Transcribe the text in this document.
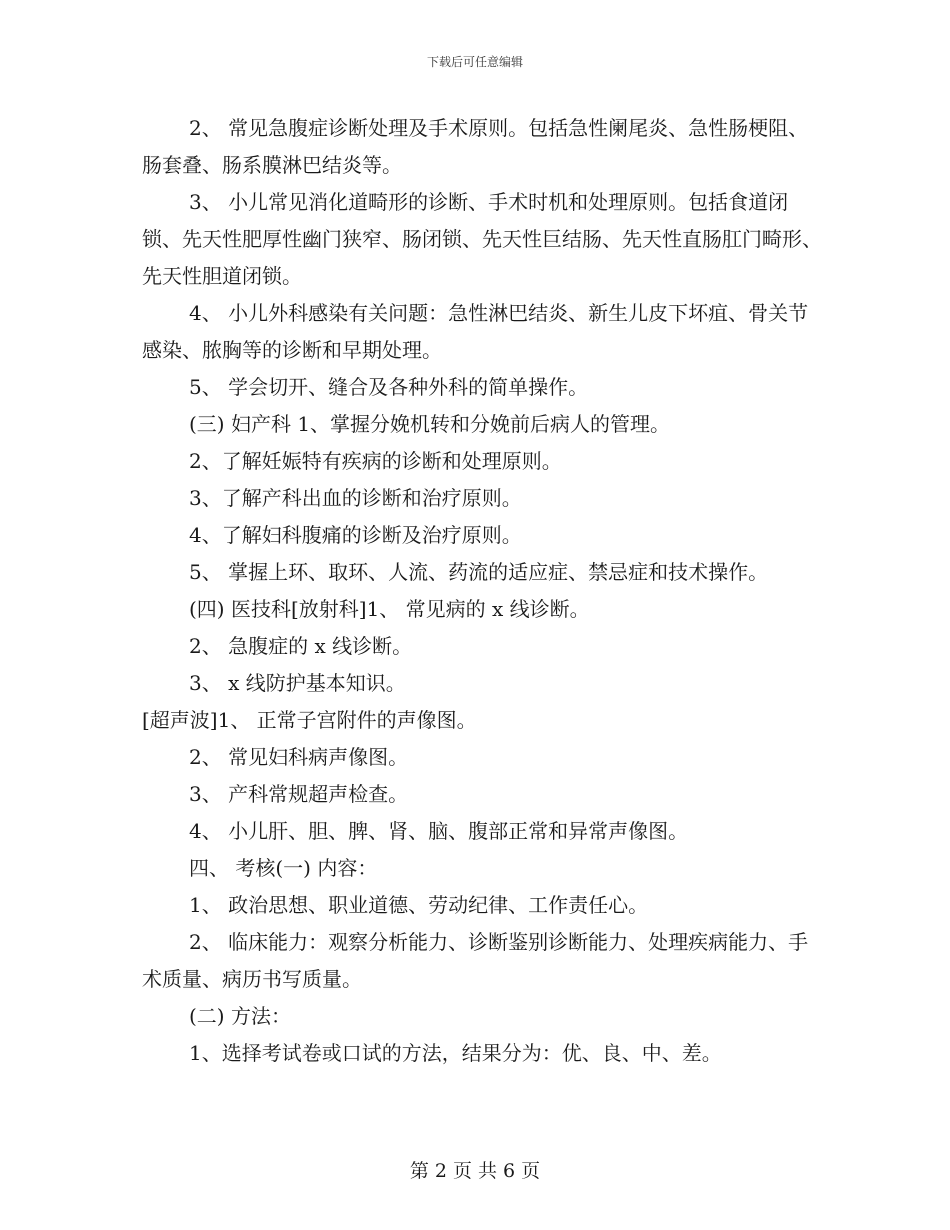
下载后可任意编辑

2、 常见急腹症诊断处理及手术原则。包括急性阑尾炎、急性肠梗阻、肠套叠、肠系膜淋巴结炎等。

3、 小儿常见消化道畸形的诊断、手术时机和处理原则。包括食道闭锁、先天性肥厚性幽门狭窄、肠闭锁、先天性巨结肠、先天性直肠肛门畸形、先天性胆道闭锁。

4、 小儿外科感染有关问题：急性淋巴结炎、新生儿皮下坏疽、骨关节感染、脓胸等的诊断和早期处理。

5、 学会切开、缝合及各种外科的简单操作。

(三) 妇产科 1、掌握分娩机转和分娩前后病人的管理。

2、了解妊娠特有疾病的诊断和处理原则。

3、了解产科出血的诊断和治疗原则。

4、了解妇科腹痛的诊断及治疗原则。

5、 掌握上环、取环、人流、药流的适应症、禁忌症和技术操作。

(四) 医技科[放射科]1、 常见病的 x 线诊断。

2、 急腹症的 x 线诊断。

3、 x 线防护基本知识。

[超声波]1、 正常子宫附件的声像图。

2、 常见妇科病声像图。

3、 产科常规超声检查。

4、 小儿肝、胆、脾、肾、脑、腹部正常和异常声像图。

四、 考核(一) 内容：

1、 政治思想、职业道德、劳动纪律、工作责任心。

2、 临床能力：观察分析能力、诊断鉴别诊断能力、处理疾病能力、手术质量、病历书写质量。

(二) 方法：

1、选择考试卷或口试的方法，结果分为：优、良、中、差。

第 2 页 共 6 页
